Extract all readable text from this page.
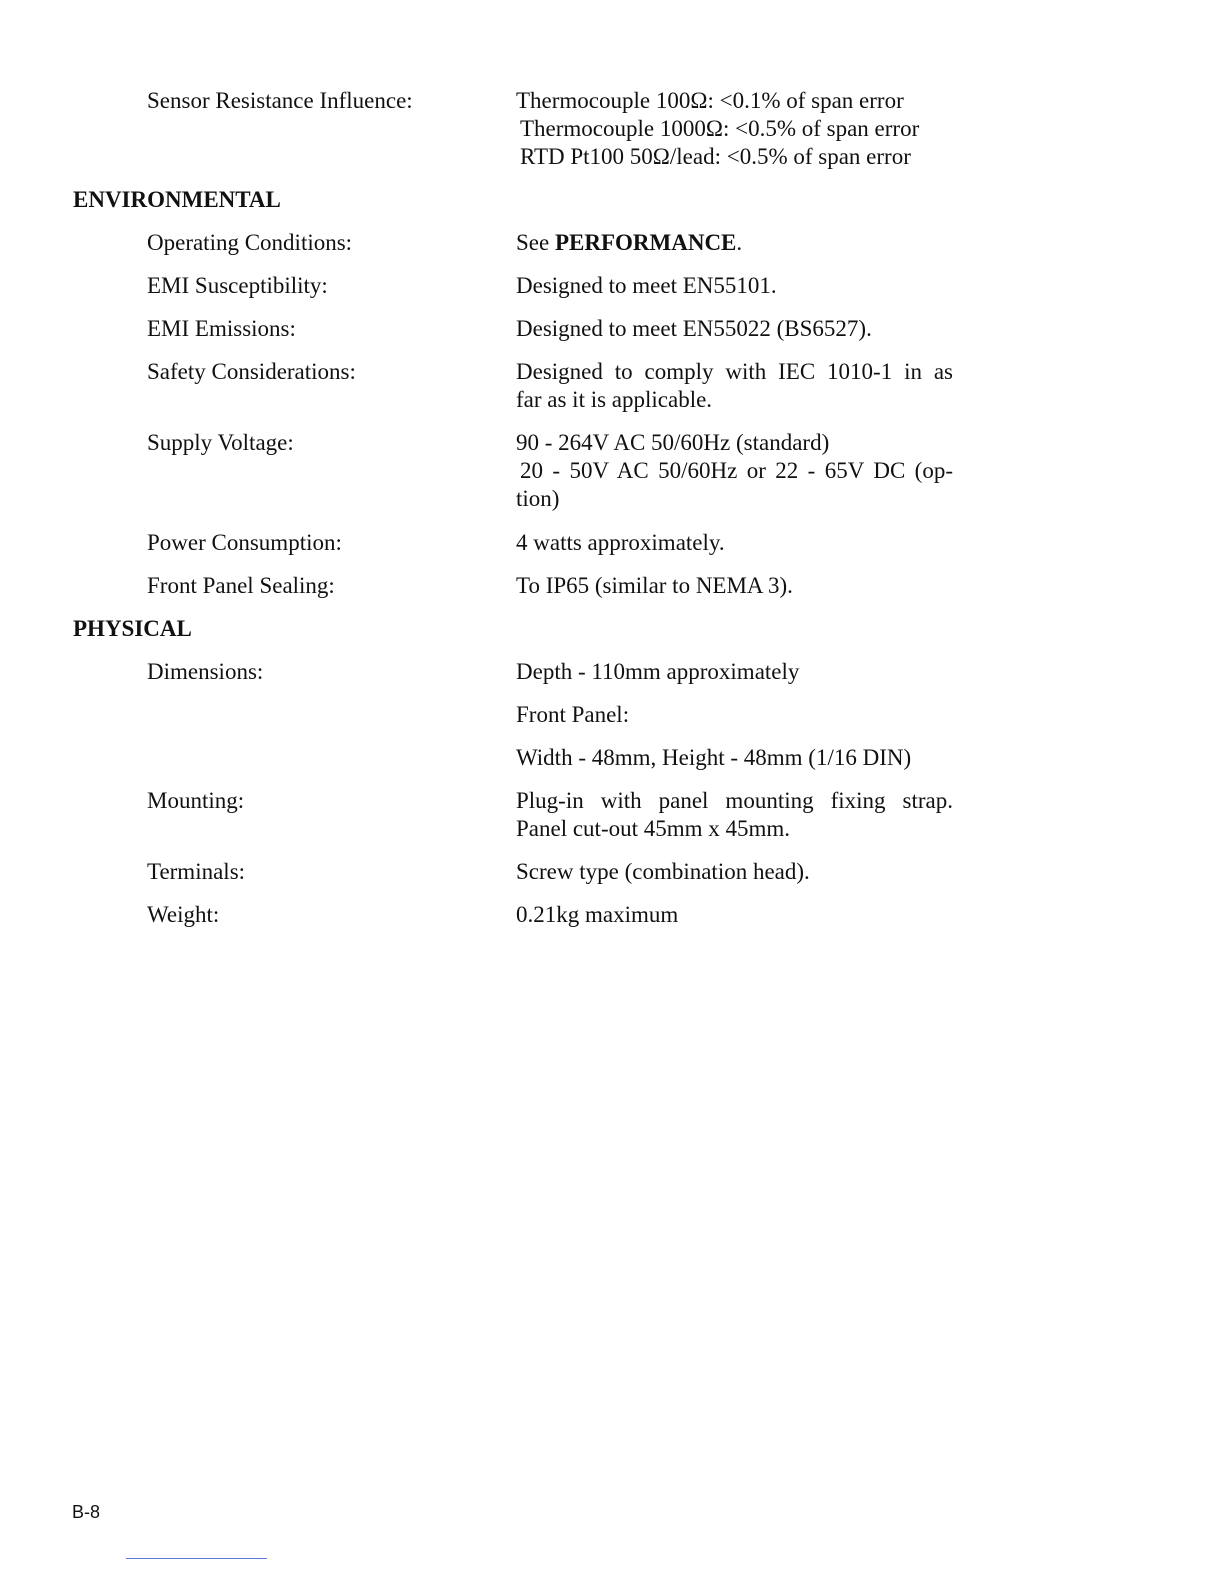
Sensor Resistance Influence:	Thermocouple 100Ω: <0.1% of span error
Thermocouple 1000Ω: <0.5% of span error
RTD Pt100 50Ω/lead: <0.5% of span error
ENVIRONMENTAL
Operating Conditions:	See PERFORMANCE.
EMI Susceptibility:	Designed to meet EN55101.
EMI Emissions:	Designed to meet EN55022 (BS6527).
Safety Considerations:	Designed to comply with IEC 1010-1 in as
far as it is applicable.
Supply Voltage:	90 - 264V AC 50/60Hz (standard)
20 - 50V AC 50/60Hz or 22 - 65V DC (op-
tion)
Power Consumption:	4 watts approximately.
Front Panel Sealing:	To IP65 (similar to NEMA 3).
PHYSICAL
Dimensions:	Depth - 110mm approximately
Front Panel:
Width - 48mm, Height - 48mm (1/16 DIN)
Mounting:	Plug-in with panel mounting fixing strap.
Panel cut-out 45mm x 45mm.
Terminals:	Screw type (combination head).
Weight:	0.21kg maximum
B-8
